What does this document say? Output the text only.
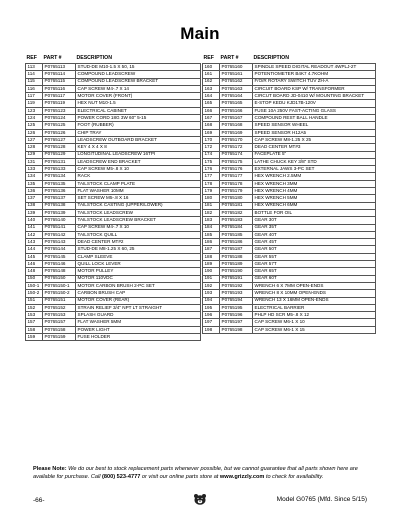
Main
REF	PART #	DESCRIPTION
113	P0765113	STUD-DE M10-1.5 X 50, 15
114	P0765114	COMPOUND LEADSCREW
115	P0765115	COMPOUND LEADSCREW BRACKET
116	P0765116	CAP SCREW M4-.7 X 14
117	P0765117	MOTOR COVER (FRONT)
119	P0765119	HEX NUT M10-1.5
123	P0765123	ELECTRICAL CABINET
124	P0765124	POWER CORD 18G 3W 60" 5-15
125	P0765125	FOOT (RUBBER)
126	P0765126	CHIP TRAY
127	P0765127	LEADSCREW OUTBOARD BRACKET
128	P0765128	KEY 4 X 4 X 8
129	P0765129	LONGITUDINAL LEADSCREW 16TPI
131	P0765131	LEADSCREW END BRACKET
133	P0765133	CAP SCREW M5-.8 X 10
134	P0765134	RACK
135	P0765135	TAILSTOCK CLAMP PLATE
136	P0765136	FLAT WASHER 10MM
137	P0765137	SET SCREW M5-.8 X 16
138	P0765138	TAILSTOCK CASTING (UPPER/LOWER)
139	P0765139	TAILSTOCK LEADSCREW
140	P0765140	TAILSTOCK LEADSCREW BRACKET
141	P0765141	CAP SCREW M4-.7 X 10
142	P0765142	TAILSTOCK QUILL
143	P0765143	DEAD CENTER MT#2
144	P0765144	STUD-DE M8-1.25 X 60, 25
145	P0765145	CLAMP SLEEVE
146	P0765146	QUILL LOCK LEVER
148	P0765148	MOTOR PULLEY
150	P0765150	MOTOR 110VDC
150-1	P0765150-1	MOTOR CARBON BRUSH 2-PC SET
150-2	P0765150-2	CARBON BRUSH CAP
151	P0765151	MOTOR COVER (REAR)
152	P0765152	STRAIN RELIEF 3/4" NPT LT STRAIGHT
153	P0765153	SPLASH GUARD
157	P0765157	FLAT WASHER 5MM
158	P0765158	POWER LIGHT
159	P0765159	FUSE HOLDER
REF	PART #	DESCRIPTION
160	P0765160	SPINDLE SPEED DIGITAL READOUT 4WPLJ-2T
161	P0765161	POTENTIOMETER B4K7 4.7KOHM
162	P0765162	F/O/R ROTARY SWITCH TUV ZH-A
163	P0765163	CIRCUIT BOARD KSP W/ TRANSFORMER
164	P0765164	CIRCUT BOARD JD-0410 W/ MOUNTING BRACKET
165	P0765165	E-STOP KEDU KJD17B-120V
166	P0765166	FUSE 10A 250V FAST-ACTING GLASS
167	P0765167	COMPOUND REST BALL HANDLE
168	P0765168	SPEED SENSOR WHEEL
169	P0765169	SPEED SENSOR H12A5
170	P0765170	CAP SCREW M8-1.25 X 25
172	P0765172	DEAD CENTER MT#3
174	P0765174	FACEPLATE 5"
175	P0765175	LATHE CHUCK KEY 3/8" STD
176	P0765176	EXTERNAL JAWS 3-PC SET
177	P0765177	HEX WRENCH 2.5MM
178	P0765178	HEX WRENCH 3MM
179	P0765179	HEX WRENCH 4MM
180	P0765180	HEX WRENCH 5MM
181	P0765181	HEX WRENCH 6MM
182	P0765182	BOTTLE FOR OIL
183	P0765183	GEAR 30T
184	P0765184	GEAR 35T
185	P0765185	GEAR 40T
186	P0765186	GEAR 45T
187	P0765187	GEAR 50T
188	P0765188	GEAR 55T
189	P0765189	GEAR 57T
190	P0765190	GEAR 65T
191	P0765191	GEAR 60T
192	P0765192	WRENCH 6 X 7MM OPEN-ENDS
193	P0765193	WRENCH 8 X 10MM OPEN-ENDS
194	P0765194	WRENCH 13 X 16MM OPEN-ENDS
195	P0765195	ELECTRICAL BARRIER
196	P0765196	PHLP HD SCR M5-.8 X 12
197	P0765197	CAP SCREW M6-1 X 10
198	P0765198	CAP SCREW M6-1 X 15
Please Note: We do our best to stock replacement parts whenever possible, but we cannot guarantee that all parts shown here are available for purchase. Call (800) 523-4777 or visit our online parts store at www.grizzly.com to check for availability.
-66-	Model G0765 (Mfd. Since 5/15)
